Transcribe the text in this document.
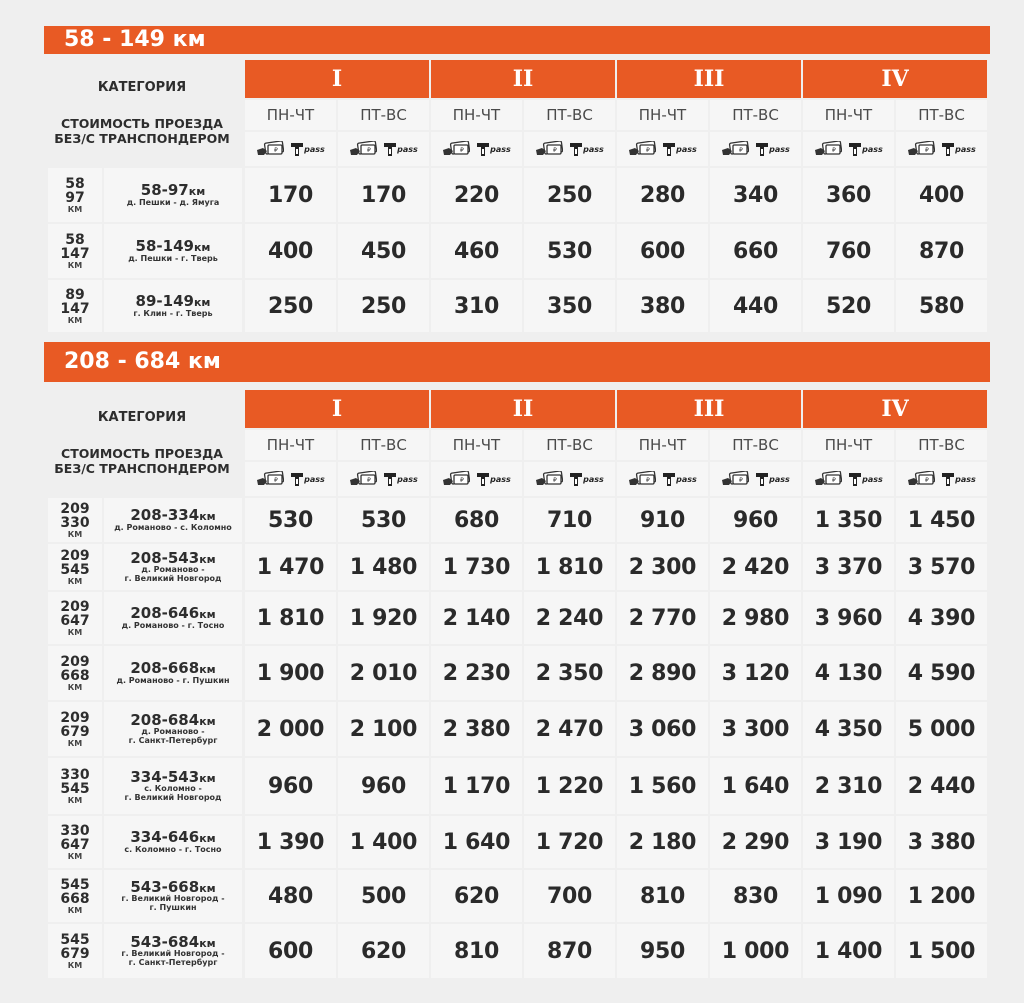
58 - 149 км
КАТЕГОРИЯ
СТОИМОСТЬ ПРОЕЗДА
БЕЗ/С ТРАНСПОНДЕРОМ
I	II	III	IV
ПН-ЧТ
₽	pass
ПТ-ВС
₽	pass
ПН-ЧТ
₽	pass
ПТ-ВС
₽	pass
ПН-ЧТ
₽	pass
ПТ-ВС
₽	pass
ПН-ЧТ
₽	pass
ПТ-ВС
₽	pass
58
97
КМ
58-97км
д. Пешки - д. Ямуга	170	170	220	250	280	340	360	400
58
147
КМ
58-149км
д. Пешки - г. Тверь	400	450	460	530	600	660	760	870
89
147
КМ
89-149км
г. Клин - г. Тверь	250	250	310	350	380	440	520	580
208 - 684 км
КАТЕГОРИЯ
СТОИМОСТЬ ПРОЕЗДА
БЕЗ/С ТРАНСПОНДЕРОМ
I	II	III	IV
ПН-ЧТ
₽	pass
ПТ-ВС
₽	pass
ПН-ЧТ
₽	pass
ПТ-ВС
₽	pass
ПН-ЧТ
₽	pass
ПТ-ВС
₽	pass
ПН-ЧТ
₽	pass
ПТ-ВС
₽	pass
209
330
КМ
208-334км
д. Романово - с. Коломно	530	530	680	710	910	960	1 350	1 450
209
545
КМ
208-543км
д. Романово -
г. Великий Новгород	1 470	1 480	1 730	1 810	2 300	2 420	3 370	3 570
209
647
КМ
208-646км
д. Романово - г. Тосно	1 810	1 920	2 140	2 240	2 770	2 980	3 960	4 390
209
668
КМ
208-668км
д. Романово - г. Пушкин	1 900	2 010	2 230	2 350	2 890	3 120	4 130	4 590
209
679
КМ
208-684км
д. Романово -
г. Санкт-Петербург	2 000	2 100	2 380	2 470	3 060	3 300	4 350	5 000
330
545
КМ
334-543км
с. Коломно -
г. Великий Новгород	960	960	1 170	1 220	1 560	1 640	2 310	2 440
330
647
КМ
334-646км
с. Коломно - г. Тосно	1 390	1 400	1 640	1 720	2 180	2 290	3 190	3 380
545
668
КМ
543-668км
г. Великий Новгород -
г. Пушкин	480	500	620	700	810	830	1 090	1 200
545
679
КМ
543-684км
г. Великий Новгород -
г. Санкт-Петербург	600	620	810	870	950	1 000	1 400	1 500
